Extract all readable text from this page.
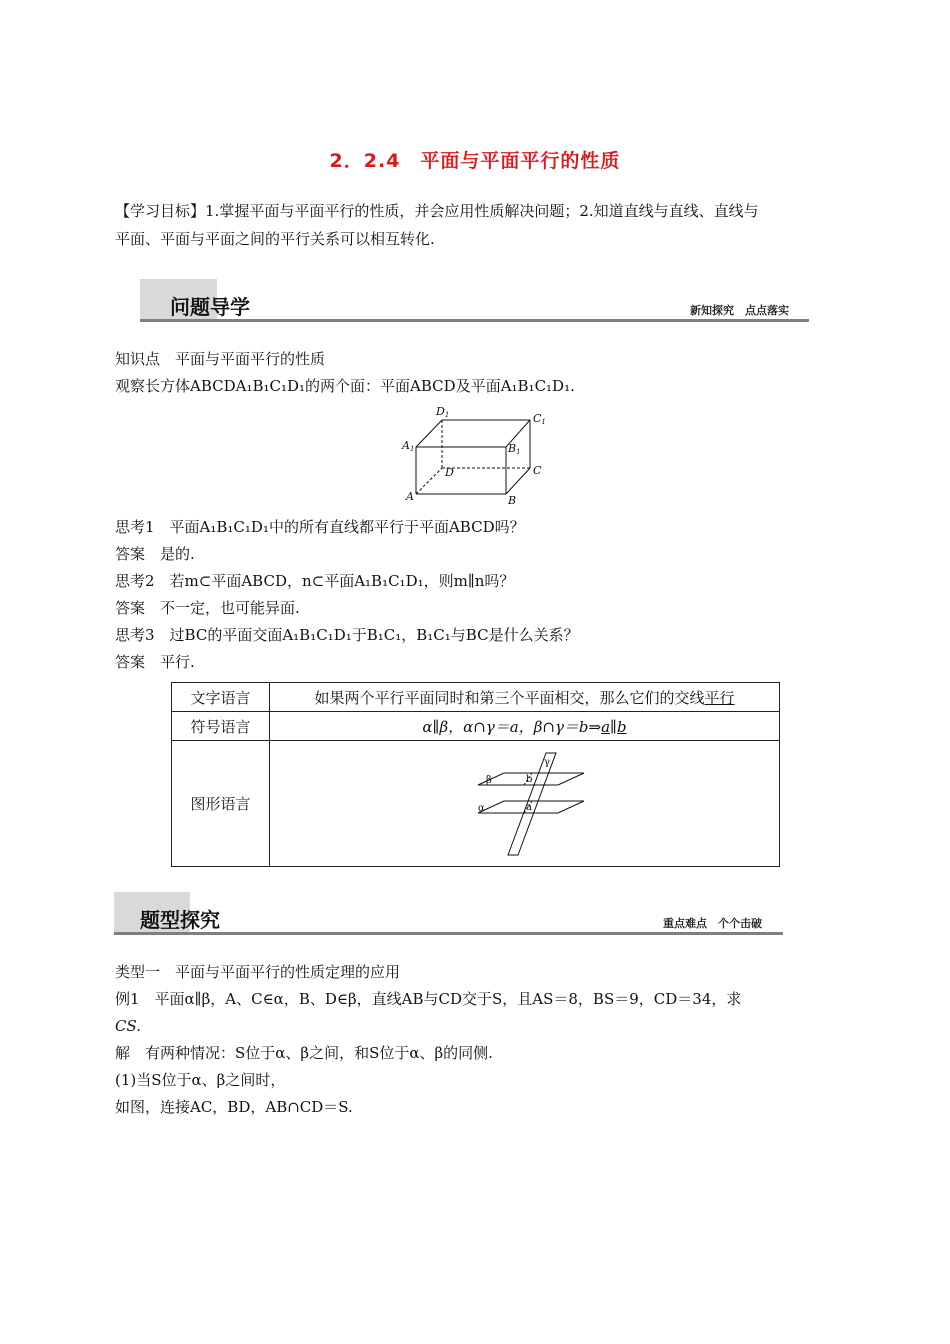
2．2.4　平面与平面平行的性质
【学习目标】1.掌握平面与平面平行的性质，并会应用性质解决问题；2.知道直线与直线、直线与
平面、平面与平面之间的平行关系可以相互转化.
问题导学	新知探究　点点落实
知识点　平面与平面平行的性质
观察长方体ABCDA₁B₁C₁D₁的两个面：平面ABCD及平面A₁B₁C₁D₁.
D1	C1
A1	B1
D	C
A	B
思考1　平面A₁B₁C₁D₁中的所有直线都平行于平面ABCD吗？
答案　是的.
思考2　若m⊂平面ABCD，n⊂平面A₁B₁C₁D₁，则m∥n吗？
答案　不一定，也可能异面.
思考3　过BC的平面交面A₁B₁C₁D₁于B₁C₁，B₁C₁与BC是什么关系？
答案　平行.
文字语言	如果两个平行平面同时和第三个平面相交，那么它们的交线平行
符号语言	α∥β，α∩γ＝a，β∩γ＝b⇒a∥b
图形语言	γ
β b
α a
题型探究	重点难点　个个击破
类型一　平面与平面平行的性质定理的应用
例1　平面α∥β，A、C∈α，B、D∈β，直线AB与CD交于S，且AS＝8，BS＝9，CD＝34，求
CS.
解　有两种情况：S位于α、β之间，和S位于α、β的同侧.
(1)当S位于α、β之间时，
如图，连接AC，BD，AB∩CD＝S.
